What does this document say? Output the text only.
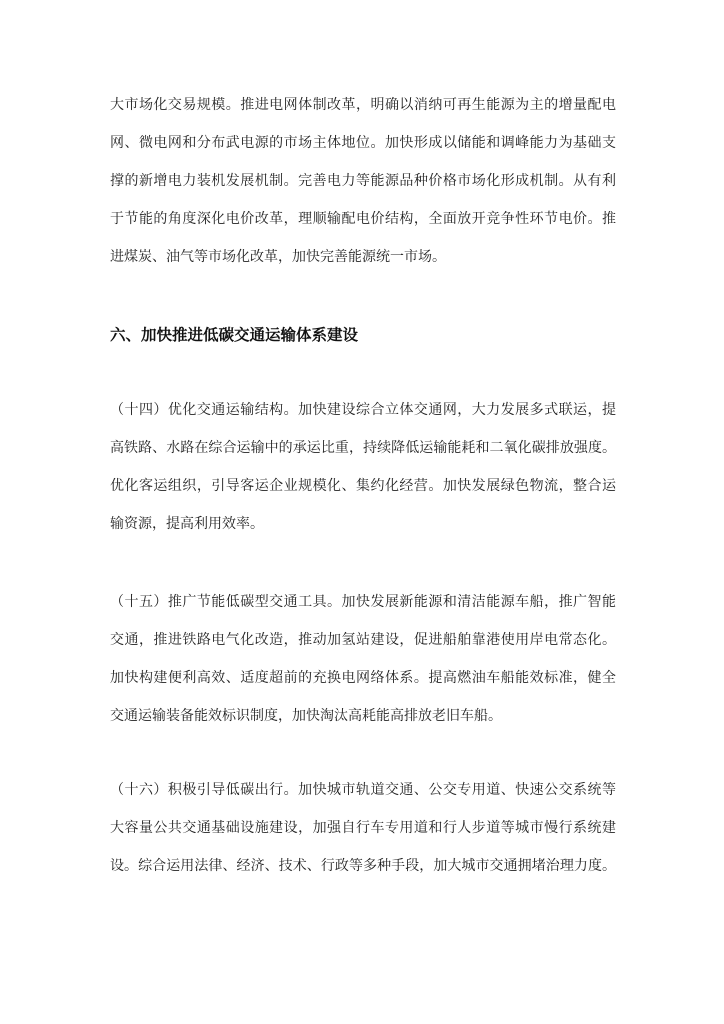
大市场化交易规模。推进电网体制改革，明确以消纳可再生能源为主的增量配电
网、微电网和分布武电源的市场主体地位。加快形成以储能和调峰能力为基础支
撑的新增电力装机发展机制。完善电力等能源品种价格市场化形成机制。从有利
于节能的角度深化电价改革，理顺输配电价结构，全面放开竞争性环节电价。推
进煤炭、油气等市场化改革，加快完善能源统一市场。
六、加快推进低碳交通运输体系建设
（十四）优化交通运输结构。加快建设综合立体交通网，大力发展多式联运，提
高铁路、水路在综合运输中的承运比重，持续降低运输能耗和二氧化碳排放强度。
优化客运组织，引导客运企业规模化、集约化经营。加快发展绿色物流，整合运
输资源，提高利用效率。
（十五）推广节能低碳型交通工具。加快发展新能源和清洁能源车船，推广智能
交通，推进铁路电气化改造，推动加氢站建设，促进船舶靠港使用岸电常态化。
加快构建便利高效、适度超前的充换电网络体系。提高燃油车船能效标准，健全
交通运输装备能效标识制度，加快淘汰高耗能高排放老旧车船。
（十六）积极引导低碳出行。加快城市轨道交通、公交专用道、快速公交系统等
大容量公共交通基础设施建设，加强自行车专用道和行人步道等城市慢行系统建
设。综合运用法律、经济、技术、行政等多种手段，加大城市交通拥堵治理力度。
